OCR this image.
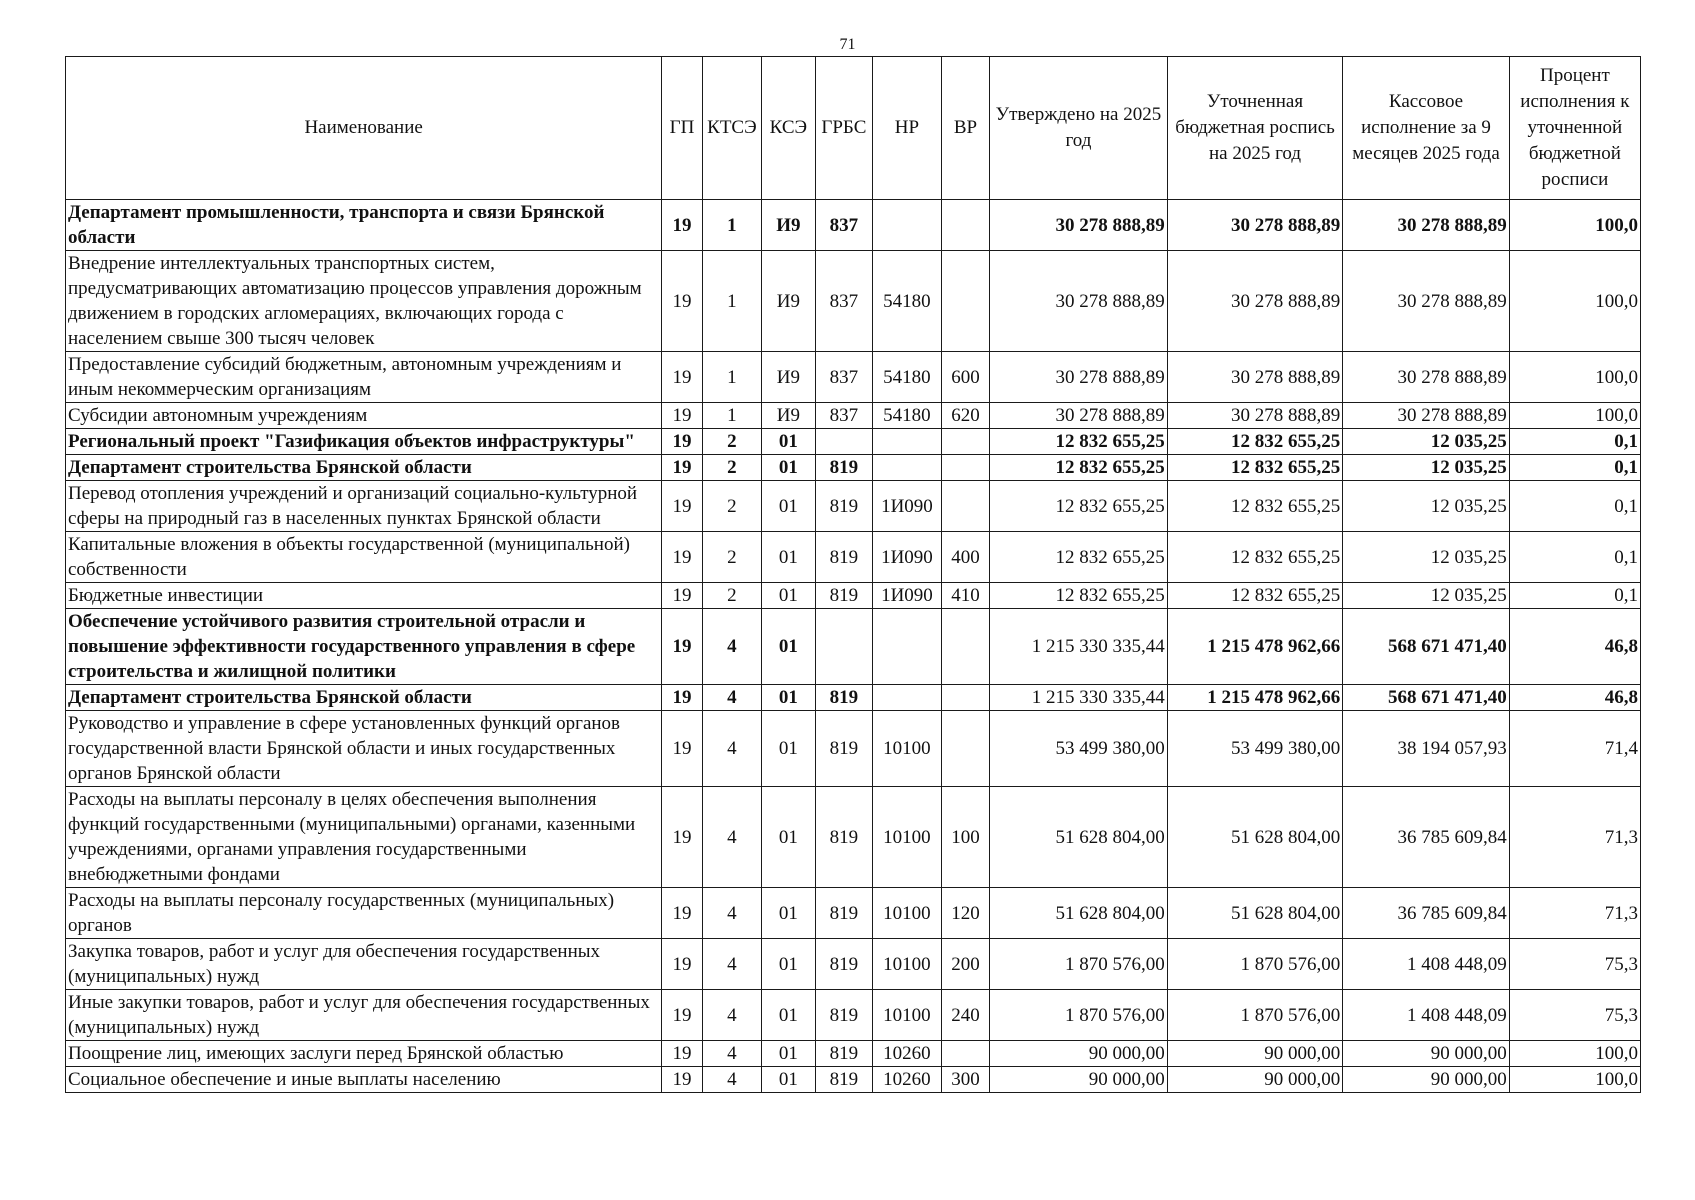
71
Наименование	ГП	КТСЭ	КСЭ	ГРБС	НР	ВР	Утверждено на 2025 год	Уточненная бюджетная роспись на 2025 год	Кассовое исполнение за 9 месяцев 2025 года	Процент исполнения к уточненной бюджетной росписи
Департамент промышленности, транспорта и связи Брянской области	19	1	И9	837			30 278 888,89	30 278 888,89	30 278 888,89	100,0
Внедрение интеллектуальных транспортных систем, предусматривающих автоматизацию процессов управления дорожным движением в городских агломерациях, включающих города с населением свыше 300 тысяч человек	19	1	И9	837	54180		30 278 888,89	30 278 888,89	30 278 888,89	100,0
Предоставление субсидий бюджетным, автономным учреждениям и иным некоммерческим организациям	19	1	И9	837	54180	600	30 278 888,89	30 278 888,89	30 278 888,89	100,0
Субсидии автономным учреждениям	19	1	И9	837	54180	620	30 278 888,89	30 278 888,89	30 278 888,89	100,0
Региональный проект "Газификация объектов инфраструктуры"	19	2	01				12 832 655,25	12 832 655,25	12 035,25	0,1
Департамент строительства Брянской области	19	2	01	819			12 832 655,25	12 832 655,25	12 035,25	0,1
Перевод отопления учреждений и организаций социально-культурной сферы на природный газ в населенных пунктах Брянской области	19	2	01	819	1И090		12 832 655,25	12 832 655,25	12 035,25	0,1
Капитальные вложения в объекты государственной (муниципальной) собственности	19	2	01	819	1И090	400	12 832 655,25	12 832 655,25	12 035,25	0,1
Бюджетные инвестиции	19	2	01	819	1И090	410	12 832 655,25	12 832 655,25	12 035,25	0,1
Обеспечение устойчивого развития строительной отрасли и повышение эффективности государственного управления в сфере строительства и жилищной политики	19	4	01				1 215 330 335,44	1 215 478 962,66	568 671 471,40	46,8
Департамент строительства Брянской области	19	4	01	819			1 215 330 335,44	1 215 478 962,66	568 671 471,40	46,8
Руководство и управление в сфере установленных функций органов государственной власти Брянской области и иных государственных органов Брянской области	19	4	01	819	10100		53 499 380,00	53 499 380,00	38 194 057,93	71,4
Расходы на выплаты персоналу в целях обеспечения выполнения функций государственными (муниципальными) органами, казенными учреждениями, органами управления государственными внебюджетными фондами	19	4	01	819	10100	100	51 628 804,00	51 628 804,00	36 785 609,84	71,3
Расходы на выплаты персоналу государственных (муниципальных) органов	19	4	01	819	10100	120	51 628 804,00	51 628 804,00	36 785 609,84	71,3
Закупка товаров, работ и услуг для обеспечения государственных (муниципальных) нужд	19	4	01	819	10100	200	1 870 576,00	1 870 576,00	1 408 448,09	75,3
Иные закупки товаров, работ и услуг для обеспечения государственных (муниципальных) нужд	19	4	01	819	10100	240	1 870 576,00	1 870 576,00	1 408 448,09	75,3
Поощрение лиц, имеющих заслуги перед Брянской областью	19	4	01	819	10260		90 000,00	90 000,00	90 000,00	100,0
Социальное обеспечение и иные выплаты населению	19	4	01	819	10260	300	90 000,00	90 000,00	90 000,00	100,0
